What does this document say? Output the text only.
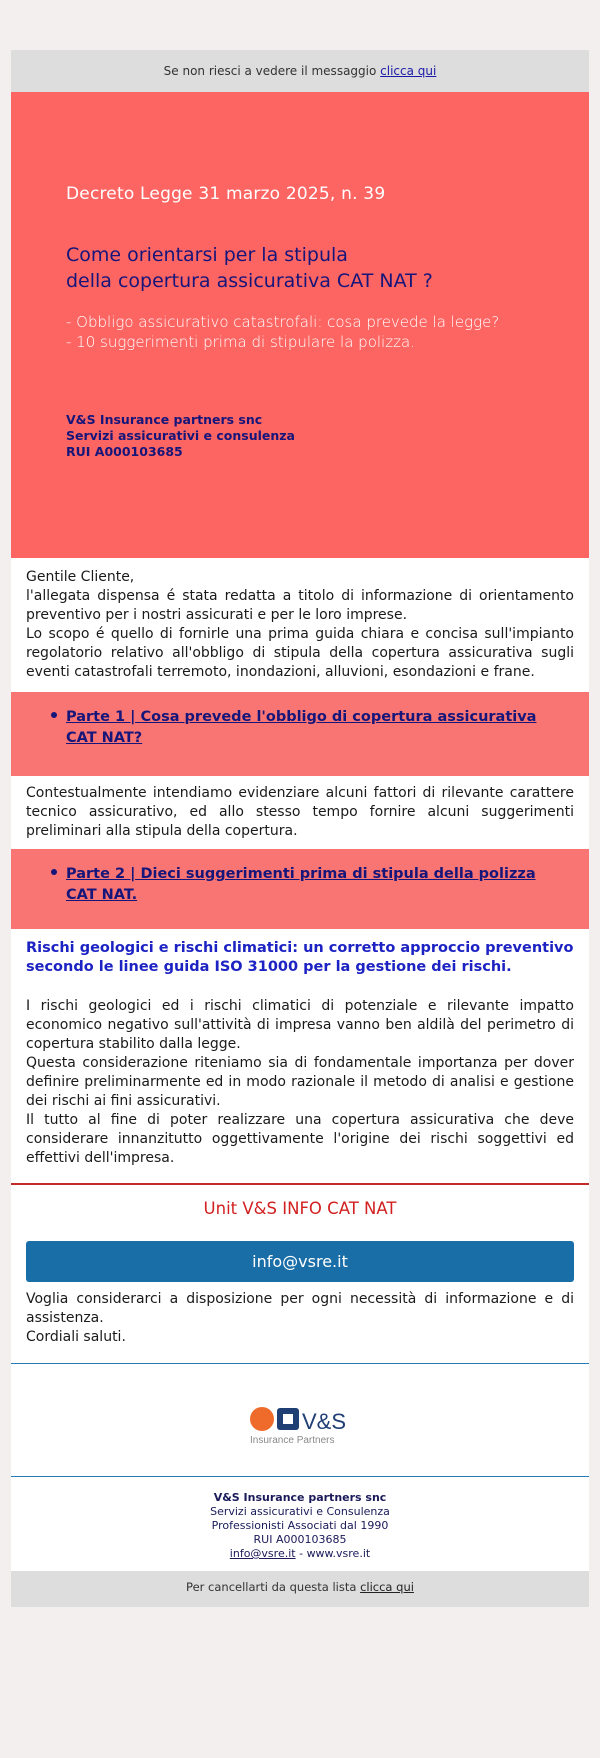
Se non riesci a vedere il messaggio clicca qui
Decreto Legge 31 marzo 2025, n. 39
Come orientarsi per la stipula
della copertura assicurativa CAT NAT ?
- Obbligo assicurativo catastrofali: cosa prevede la legge?
- 10 suggerimenti prima di stipulare la polizza.
V&S Insurance partners snc
Servizi assicurativi e consulenza
RUI A000103685
Gentile Cliente,
l'allegata dispensa é stata redatta a titolo di informazione di orientamento preventivo per i nostri assicurati e per le loro imprese.
Lo scopo é quello di fornirle una prima guida chiara e concisa sull'impianto regolatorio relativo all'obbligo di stipula della copertura assicurativa sugli eventi catastrofali terremoto, inondazioni, alluvioni, esondazioni e frane.
Parte 1 | Cosa prevede l'obbligo di copertura assicurativa CAT NAT?
Contestualmente intendiamo evidenziare alcuni fattori di rilevante carattere tecnico assicurativo, ed allo stesso tempo fornire alcuni suggerimenti preliminari alla stipula della copertura.
Parte 2 | Dieci suggerimenti prima di stipula della polizza CAT NAT.
Rischi geologici e rischi climatici: un corretto approccio preventivo secondo le linee guida ISO 31000 per la gestione dei rischi.
I rischi geologici ed i rischi climatici di potenziale e rilevante impatto economico negativo sull'attività di impresa vanno ben aldilà del perimetro di copertura stabilito dalla legge.
Questa considerazione riteniamo sia di fondamentale importanza per dover definire preliminarmente ed in modo razionale il metodo di analisi e gestione dei rischi ai fini assicurativi.
Il tutto al fine di poter realizzare una copertura assicurativa che deve considerare innanzitutto oggettivamente l'origine dei rischi soggettivi ed effettivi dell'impresa.
Unit V&S INFO CAT NAT
info@vsre.it
Voglia considerarci a disposizione per ogni necessità di informazione e di assistenza.
Cordiali saluti.
V&S
Insurance Partners
V&S Insurance partners snc
Servizi assicurativi e Consulenza
Professionisti Associati dal 1990
RUI A000103685
info@vsre.it - www.vsre.it
Per cancellarti da questa lista clicca qui
